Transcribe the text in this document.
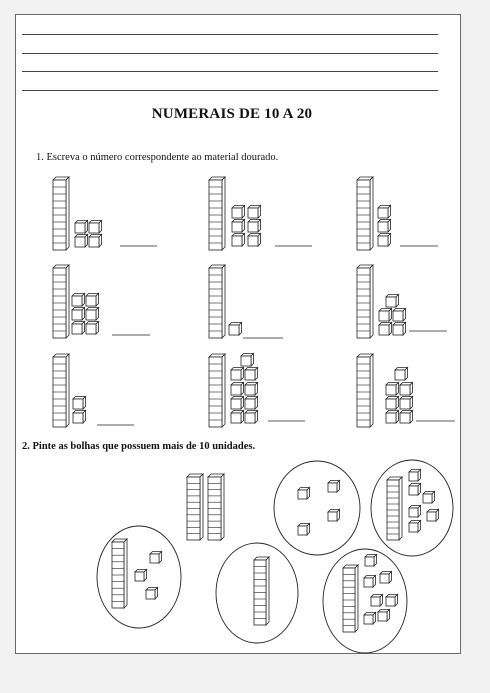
NUMERAIS DE 10 A 20
1. Escreva o número correspondente ao material dourado.
2. Pinte as bolhas que possuem mais de 10 unidades.
